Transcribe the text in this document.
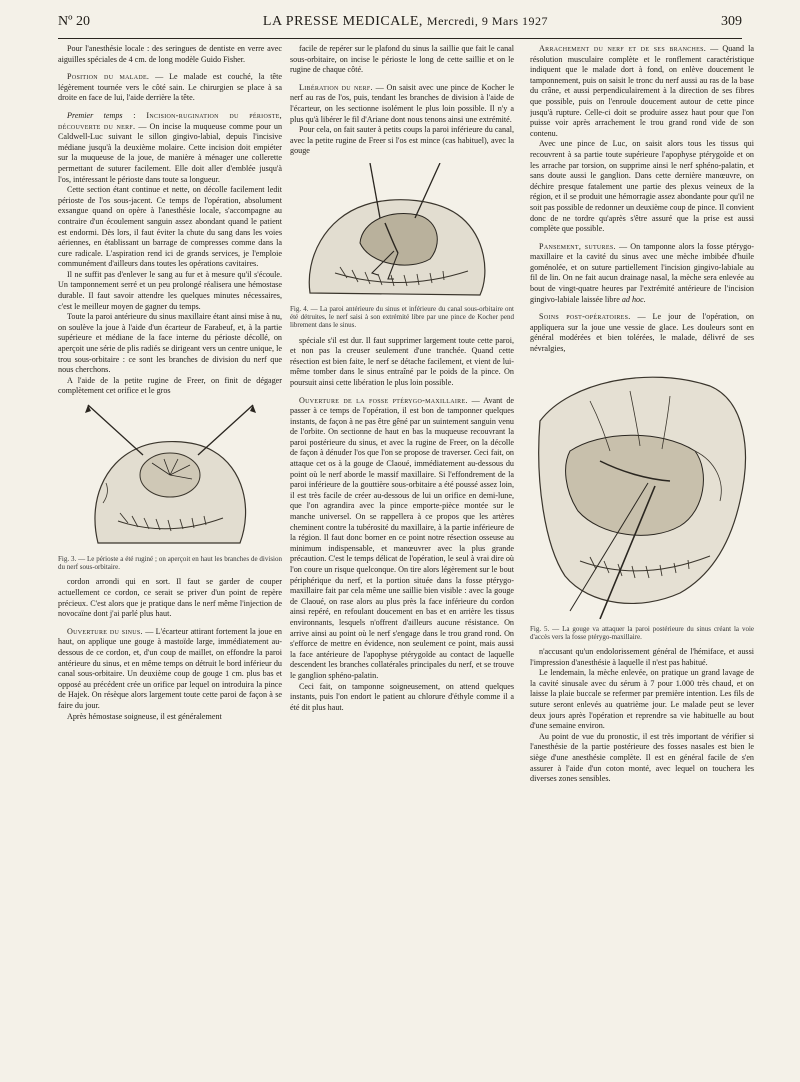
Nº 20	LA PRESSE MEDICALE, Mercredi, 9 Mars 1927	309

Pour l'anesthésie locale : des seringues de dentiste en verre avec aiguilles spéciales de 4 cm. de long modèle Guido Fisher.

Position du malade. — Le malade est couché, la tête légèrement tournée vers le côté sain. Le chirurgien se place à sa droite en face de lui, l'aide derrière la tête.

Premier temps : Incision-rugination du périoste, découverte du nerf. — On incise la muqueuse comme pour un Caldwell-Luc suivant le sillon gingivo-labial, depuis l'incisive médiane jusqu'à la deuxième molaire. Cette incision doit empiéter sur la muqueuse de la joue, de manière à ménager une collerette permettant de suturer facilement. Elle doit aller d'emblée jusqu'à l'os, intéressant le périoste dans toute sa longueur.

Cette section étant continue et nette, on décolle facilement ledit périoste de l'os sous-jacent. Ce temps de l'opération, absolument exsangue quand on opère à l'anesthésie locale, s'accompagne au contraire d'un écoulement sanguin assez abondant quand le patient est endormi. Dès lors, il faut éviter la chute du sang dans les voies aériennes, en établissant un barrage de compresses comme dans la cure radicale. L'aspiration rend ici de grands services, je l'emploie communément d'ailleurs dans toutes les opérations cavitaires.

Il ne suffit pas d'enlever le sang au fur et à mesure qu'il s'écoule. Un tamponnement serré et un peu prolongé réalisera une hémostase durable. Il faut savoir attendre les quelques minutes nécessaires, c'est le meilleur moyen de gagner du temps.

Toute la paroi antérieure du sinus maxillaire étant ainsi mise à nu, on soulève la joue à l'aide d'un écarteur de Farabeuf, et, à la partie supérieure et médiane de la face interne du périoste décollé, on aperçoit une série de plis radiés se dirigeant vers un centre unique, le trou sous-orbitaire : ce sont les branches de division du nerf que nous cherchons.

A l'aide de la petite rugine de Freer, on finit de dégager complètement cet orifice et le gros

Fig. 3. — Le périoste a été ruginé ; on aperçoit en haut les branches de division du nerf sous-orbitaire.

cordon arrondi qui en sort. Il faut se garder de couper actuellement ce cordon, ce serait se priver d'un point de repère précieux. C'est alors que je pratique dans le nerf même l'injection de novocaïne dont j'ai parlé plus haut.

Ouverture du sinus. — L'écarteur attirant fortement la joue en haut, on applique une gouge à mastoïde large, immédiatement au-dessous de ce cordon, et, d'un coup de maillet, on effondre la paroi antérieure du sinus, et en même temps on détruit le bord inférieur du canal sous-orbitaire. Un deuxième coup de gouge 1 cm. plus bas et opposé au précédent crée un orifice par lequel on introduira la pince de Hajek. On résèque alors largement toute cette paroi de façon à se faire du jour.

Après hémostase soigneuse, il est généralement

facile de repérer sur le plafond du sinus la saillie que fait le canal sous-orbitaire, on incise le périoste le long de cette saillie et on le rugine de chaque côté.

Libération du nerf. — On saisit avec une pince de Kocher le nerf au ras de l'os, puis, tendant les branches de division à l'aide de l'écarteur, on les sectionne isolément le plus loin possible. Il n'y a plus qu'à libérer le fil d'Ariane dont nous tenons ainsi une extrémité.

Pour cela, on fait sauter à petits coups la paroi inférieure du canal, avec la petite rugine de Freer si l'os est mince (cas habituel), avec la gouge

Fig. 4. — La paroi antérieure du sinus et inférieure du canal sous-orbitaire ont été détruites, le nerf saisi à son extrémité libre par une pince de Kocher pend librement dans le sinus.

spéciale s'il est dur. Il faut supprimer largement toute cette paroi, et non pas la creuser seulement d'une tranchée. Quand cette résection est bien faite, le nerf se détache facilement, et vient de lui-même tomber dans le sinus entraîné par le poids de la pince. On poursuit ainsi cette libération le plus loin possible.

Ouverture de la fosse ptérygo-maxillaire. — Avant de passer à ce temps de l'opération, il est bon de tamponner quelques instants, de façon à ne pas être gêné par un suintement sanguin venu de l'orbite. On sectionne de haut en bas la muqueuse recouvrant la paroi postérieure du sinus, et avec la rugine de Freer, on la décolle de façon à dénuder l'os que l'on se propose de traverser. Ceci fait, on attaque cet os à la gouge de Claoué, immédiatement au-dessous du point où le nerf aborde le massif maxillaire. Si l'effondrement de la paroi inférieure de la gouttière sous-orbitaire a été poussé assez loin, il est très facile de créer au-dessous de lui un orifice en demi-lune, que l'on agrandira avec la pince emporte-pièce montée sur le manche universel. On se rappellera à ce propos que les artères cheminent contre la tubérosité du maxillaire, à la partie inférieure de la région. Il faut donc borner en ce point notre résection osseuse au minimum indispensable, et manœuvrer avec la plus grande précaution. C'est le temps délicat de l'opération, le seul à vrai dire où l'on coure un risque quelconque. On tire alors légèrement sur le bout périphérique du nerf, et la portion située dans la fosse ptérygo-maxillaire fait par cela même une saillie bien visible : avec la gouge de Claoué, on rase alors au plus près la face inférieure du cordon ainsi repéré, en refoulant doucement en bas et en arrière les tissus environnants, lesquels n'offrent d'ailleurs aucune résistance. On arrive ainsi au point où le nerf s'engage dans le trou grand rond. On s'efforce de mettre en évidence, non seulement ce point, mais aussi la face antérieure de l'apophyse ptérygoïde au contact de laquelle descendent les branches collatérales principales du nerf, et se trouve le ganglion sphéno-palatin.

Ceci fait, on tamponne soigneusement, on attend quelques instants, puis l'on endort le patient au chlorure d'éthyle comme il a été dit plus haut.

Arrachement du nerf et de ses branches. — Quand la résolution musculaire complète et le ronflement caractéristique indiquent que le malade dort à fond, on enlève doucement le tamponnement, puis on saisit le tronc du nerf aussi au ras de la base du crâne, et aussi perpendiculairement à la direction de ses fibres que possible, puis on l'enroule doucement autour de cette pince jusqu'à rupture. Celle-ci doit se produire assez haut pour que l'on puisse voir après arrachement le trou grand rond vide de son contenu.

Avec une pince de Luc, on saisit alors tous les tissus qui recouvrent à sa partie toute supérieure l'apophyse ptérygoïde et on les arrache par torsion, on supprime ainsi le nerf sphéno-palatin, et sans doute aussi le ganglion. Dans cette dernière manœuvre, on déchire presque fatalement une partie des plexus veineux de la région, et il se produit une hémorragie assez abondante pour qu'il ne soit pas possible de redonner un deuxième coup de pince. Il convient donc de ne tordre qu'après s'être assuré que la prise est aussi complète que possible.

Pansement, sutures. — On tamponne alors la fosse ptérygo-maxillaire et la cavité du sinus avec une mèche imbibée d'huile goménolée, et on suture partiellement l'incision gingivo-labiale au fil de lin. On ne fait aucun drainage nasal, la mèche sera enlevée au bout de vingt-quatre heures par l'extrémité antérieure de l'incision gingivo-labiale laissée libre ad hoc.

Soins post-opératoires. — Le jour de l'opération, on appliquera sur la joue une vessie de glace. Les douleurs sont en général modérées et bien tolérées, le malade, délivré de ses névralgies,

Fig. 5. — La gouge va attaquer la paroi postérieure du sinus créant la voie d'accès vers la fosse ptérygo-maxillaire.

n'accusant qu'un endolorissement général de l'hémiface, et aussi l'impression d'anesthésie à laquelle il n'est pas habitué.

Le lendemain, la mèche enlevée, on pratique un grand lavage de la cavité sinusale avec du sérum à 7 pour 1.000 très chaud, et on laisse la plaie buccale se refermer par première intention. Les fils de suture seront enlevés au quatrième jour. Le malade peut se lever deux jours après l'opération et reprendre sa vie habituelle au bout d'une semaine environ.

Au point de vue du pronostic, il est très important de vérifier si l'anesthésie de la partie postérieure des fosses nasales est bien le siège d'une anesthésie complète. Il est en général facile de s'en assurer à l'aide d'un coton monté, avec lequel on touchera les diverses zones sensibles.
